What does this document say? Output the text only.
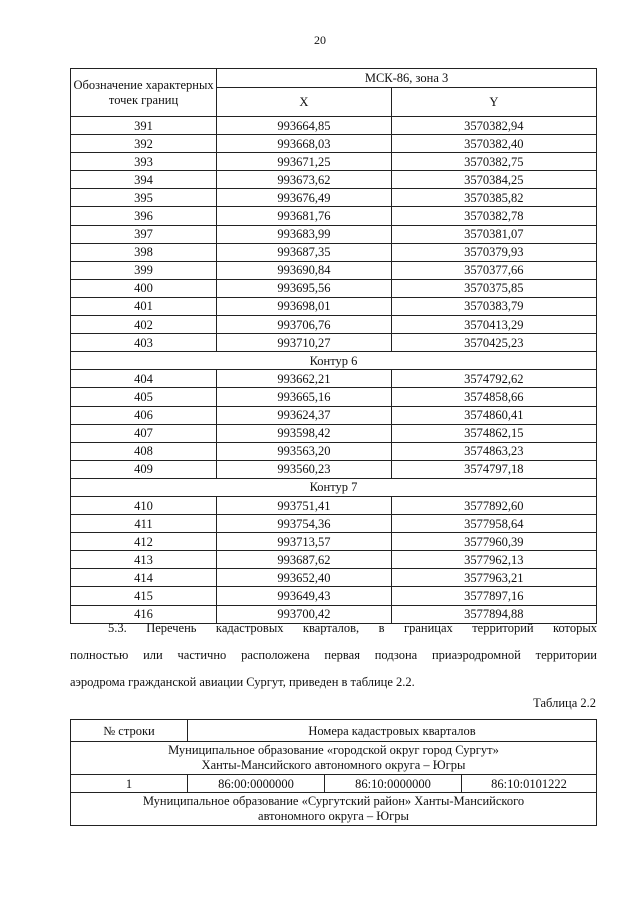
20
Обозначение характерных точек границ	МСК-86, зона 3	
	X	Y
391	993664,85	3570382,94
392	993668,03	3570382,40
393	993671,25	3570382,75
394	993673,62	3570384,25
395	993676,49	3570385,82
396	993681,76	3570382,78
397	993683,99	3570381,07
398	993687,35	3570379,93
399	993690,84	3570377,66
400	993695,56	3570375,85
401	993698,01	3570383,79
402	993706,76	3570413,29
403	993710,27	3570425,23
Контур 6		
404	993662,21	3574792,62
405	993665,16	3574858,66
406	993624,37	3574860,41
407	993598,42	3574862,15
408	993563,20	3574863,23
409	993560,23	3574797,18
Контур 7		
410	993751,41	3577892,60
411	993754,36	3577958,64
412	993713,57	3577960,39
413	993687,62	3577962,13
414	993652,40	3577963,21
415	993649,43	3577897,16
416	993700,42	3577894,88
5.3. Перечень кадастровых кварталов, в границах территорий которых
полностью или частично расположена первая подзона приаэродромной территории
аэродрома гражданской авиации Сургут, приведен в таблице 2.2.
Таблица 2.2
№ строки	Номера кадастровых кварталов		

Муниципальное образование «городской округ город Сургут»
Ханты-Мансийского автономного округа – Югры			

1	86:00:0000000	86:10:0000000	86:10:0101222

Муниципальное образование «Сургутский район» Ханты-Мансийского
автономного округа – Югры			
